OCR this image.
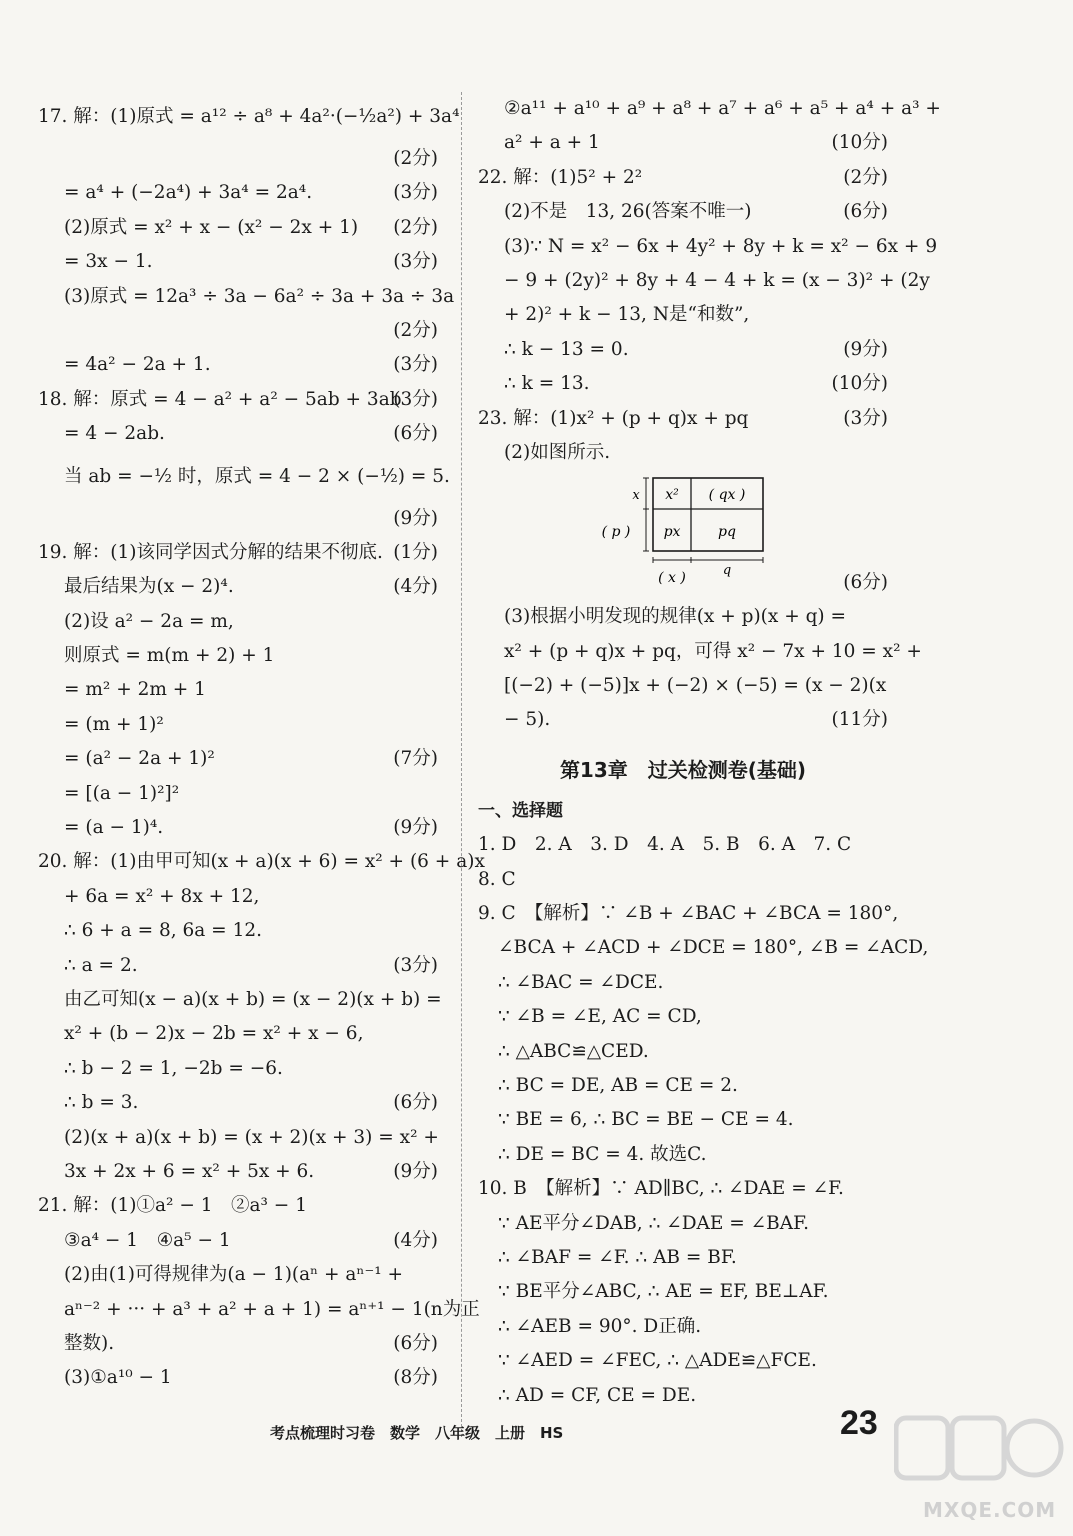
17. 解：(1)原式 = a¹² ÷ a⁸ + 4a²·(−½a²) + 3a⁴
(2分)
= a⁴ + (−2a⁴) + 3a⁴ = 2a⁴.	(3分)
(2)原式 = x² + x − (x² − 2x + 1) (2分)
= 3x − 1.	(3分)
(3)原式 = 12a³ ÷ 3a − 6a² ÷ 3a + 3a ÷ 3a
(2分)
= 4a² − 2a + 1.	(3分)
18. 解：原式 = 4 − a² + a² − 5ab + 3ab
(3分)
= 4 − 2ab.	(6分)
当 ab = −½ 时，原式 = 4 − 2 × (−½) = 5.
(9分)
19. 解：(1)该同学因式分解的结果不彻底. (1分)
最后结果为(x − 2)⁴.	(4分)
(2)设 a² − 2a = m,
则原式 = m(m + 2) + 1
= m² + 2m + 1
= (m + 1)²
= (a² − 2a + 1)²	(7分)
= [(a − 1)²]²
= (a − 1)⁴.	(9分)
20. 解：(1)由甲可知(x + a)(x + 6) = x² + (6 + a)x
+ 6a = x² + 8x + 12,
∴ 6 + a = 8, 6a = 12.
∴ a = 2.	(3分)
由乙可知(x − a)(x + b) = (x − 2)(x + b) =
x² + (b − 2)x − 2b = x² + x − 6,
∴ b − 2 = 1, −2b = −6.
∴ b = 3.	(6分)
(2)(x + a)(x + b) = (x + 2)(x + 3) = x² +
3x + 2x + 6 = x² + 5x + 6.	(9分)
21. 解：(1)①a² − 1　②a³ − 1
③a⁴ − 1　④a⁵ − 1	(4分)
(2)由(1)可得规律为(a − 1)(aⁿ + aⁿ⁻¹ +
aⁿ⁻² + ··· + a³ + a² + a + 1) = aⁿ⁺¹ − 1(n为正
整数).	(6分)
(3)①a¹⁰ − 1	(8分)
②a¹¹ + a¹⁰ + a⁹ + a⁸ + a⁷ + a⁶ + a⁵ + a⁴ + a³ +
a² + a + 1	(10分)
22. 解：(1)5² + 2²	(2分)
(2)不是　13, 26(答案不唯一)	(6分)
(3)∵ N = x² − 6x + 4y² + 8y + k = x² − 6x + 9
− 9 + (2y)² + 8y + 4 − 4 + k = (x − 3)² + (2y
+ 2)² + k − 13, N是“和数”,
∴ k − 13 = 0.	(9分)
∴ k = 13.	(10分)
23. 解：(1)x² + (p + q)x + pq	(3分)
(2)如图所示.
x² ( qx )
px	pq
x
( p )
( x )	q
(6分)
(3)根据小明发现的规律(x + p)(x + q) =
x² + (p + q)x + pq，可得 x² − 7x + 10 = x² +
[(−2) + (−5)]x + (−2) × (−5) = (x − 2)(x
− 5).	(11分)
第13章　过关检测卷(基础)
一、选择题
1. D　2. A　3. D　4. A　5. B　6. A　7. C
8. C
9. C　【解析】∵ ∠B + ∠BAC + ∠BCA = 180°,
∠BCA + ∠ACD + ∠DCE = 180°, ∠B = ∠ACD,
∴ ∠BAC = ∠DCE.
∵ ∠B = ∠E, AC = CD,
∴ △ABC≌△CED.
∴ BC = DE, AB = CE = 2.
∵ BE = 6, ∴ BC = BE − CE = 4.
∴ DE = BC = 4. 故选C.
10. B　【解析】∵ AD∥BC, ∴ ∠DAE = ∠F.
∵ AE平分∠DAB, ∴ ∠DAE = ∠BAF.
∴ ∠BAF = ∠F. ∴ AB = BF.
∵ BE平分∠ABC, ∴ AE = EF, BE⊥AF.
∴ ∠AEB = 90°. D正确.
∵ ∠AED = ∠FEC, ∴ △ADE≌△FCE.
∴ AD = CF, CE = DE.
考点梳理时习卷　数学　八年级　上册　HS	23
MXQE.COM
